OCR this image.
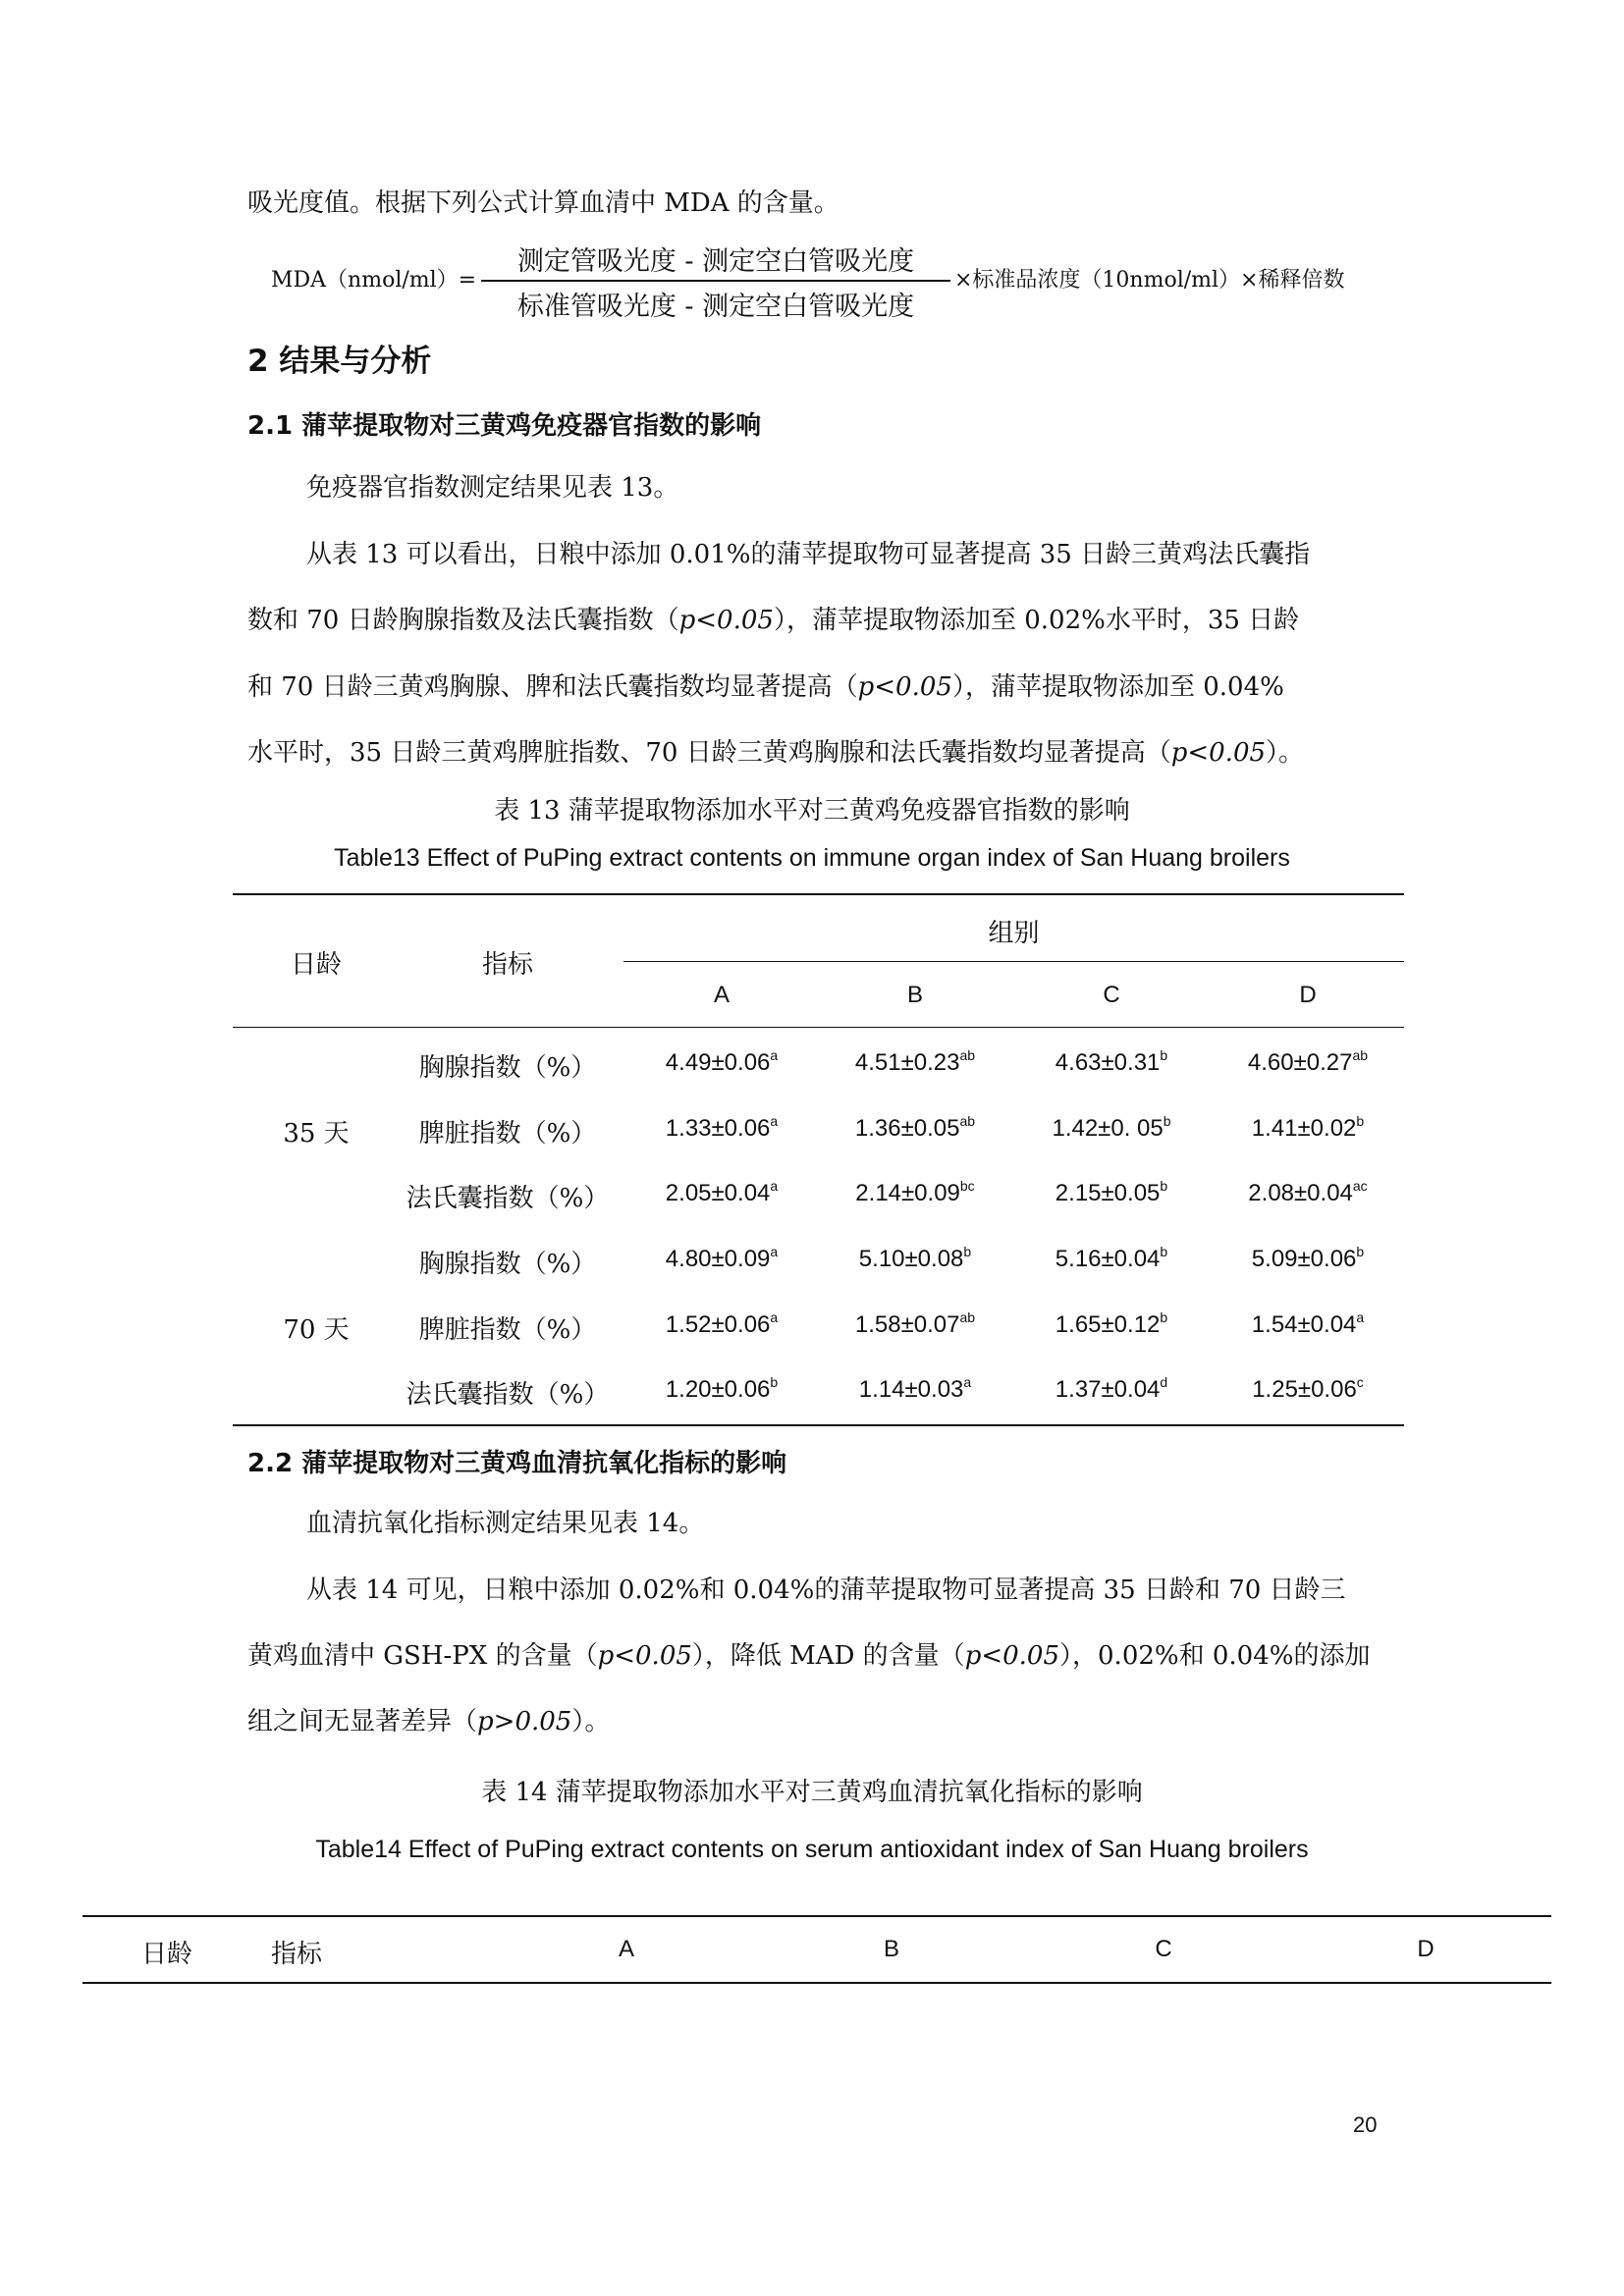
吸光度值。根据下列公式计算血清中 MDA 的含量。
MDA（nmol/ml）=
测定管吸光度 - 测定空白管吸光度
标准管吸光度 - 测定空白管吸光度
×标准品浓度（10nmol/ml）×稀释倍数
2 结果与分析
2.1 蒲苹提取物对三黄鸡免疫器官指数的影响
免疫器官指数测定结果见表 13。
从表 13 可以看出，日粮中添加 0.01%的蒲苹提取物可显著提高 35 日龄三黄鸡法氏囊指
数和 70 日龄胸腺指数及法氏囊指数（p<0.05），蒲苹提取物添加至 0.02%水平时，35 日龄
和 70 日龄三黄鸡胸腺、脾和法氏囊指数均显著提高（p<0.05），蒲苹提取物添加至 0.04%
水平时，35 日龄三黄鸡脾脏指数、70 日龄三黄鸡胸腺和法氏囊指数均显著提高（p<0.05）。
表 13 蒲苹提取物添加水平对三黄鸡免疫器官指数的影响
Table13 Effect of PuPing extract contents on immune organ index of San Huang broilers
日龄	指标
组别
A	B	C	D
35 天
胸腺指数（%）	4.49±0.06$^a$	4.51±0.23$^{ab}$	4.63±0.31$^b$	4.60±0.27$^{ab}$
脾脏指数（%）	1.33±0.06$^a$	1.36±0.05$^{ab}$	1.42±0. 05$^b$	1.41±0.02$^b$
法氏囊指数（%）	2.05±0.04$^a$	2.14±0.09$^{bc}$	2.15±0.05$^b$	2.08±0.04$^{ac}$
70 天
胸腺指数（%）	4.80±0.09$^a$	5.10±0.08$^b$	5.16±0.04$^b$	5.09±0.06$^b$
脾脏指数（%）	1.52±0.06$^a$	1.58±0.07$^{ab}$	1.65±0.12$^b$	1.54±0.04$^a$
法氏囊指数（%）	1.20±0.06$^b$	1.14±0.03$^a$	1.37±0.04$^d$	1.25±0.06$^c$
2.2 蒲苹提取物对三黄鸡血清抗氧化指标的影响
血清抗氧化指标测定结果见表 14。
从表 14 可见，日粮中添加 0.02%和 0.04%的蒲苹提取物可显著提高 35 日龄和 70 日龄三
黄鸡血清中 GSH-PX 的含量（p<0.05），降低 MAD 的含量（p<0.05），0.02%和 0.04%的添加
组之间无显著差异（p>0.05）。
表 14 蒲苹提取物添加水平对三黄鸡血清抗氧化指标的影响
Table14 Effect of PuPing extract contents on serum antioxidant index of San Huang broilers
日龄	指标	A	B	C	D
20
